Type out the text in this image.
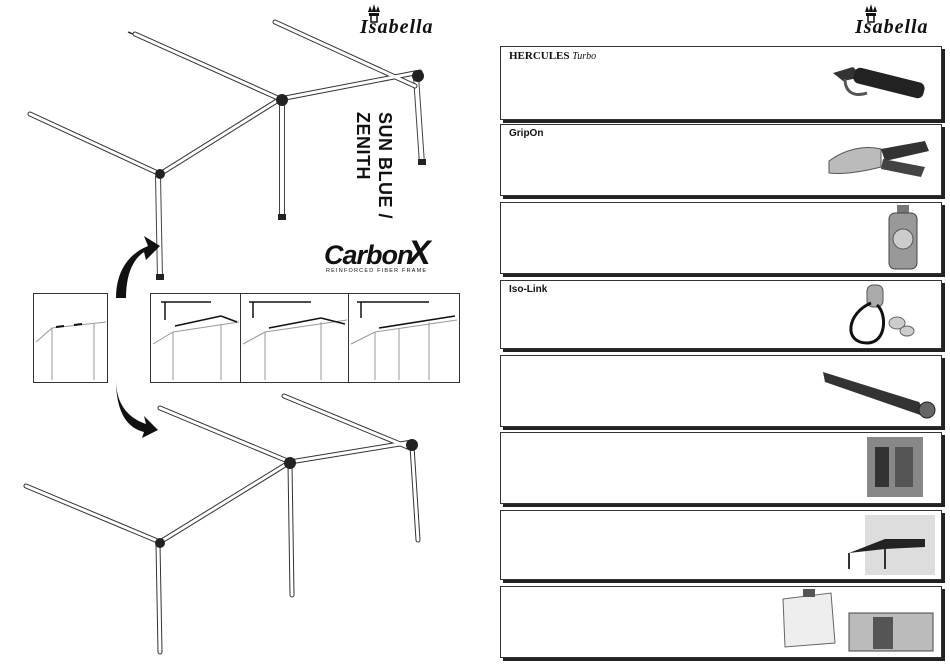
Isabella
SUN BLUE /
ZENITH
Carbon
X
REINFORCED FIBER FRAME
Isabella
HERCULES Turbo
GripOn
Iso-Link
